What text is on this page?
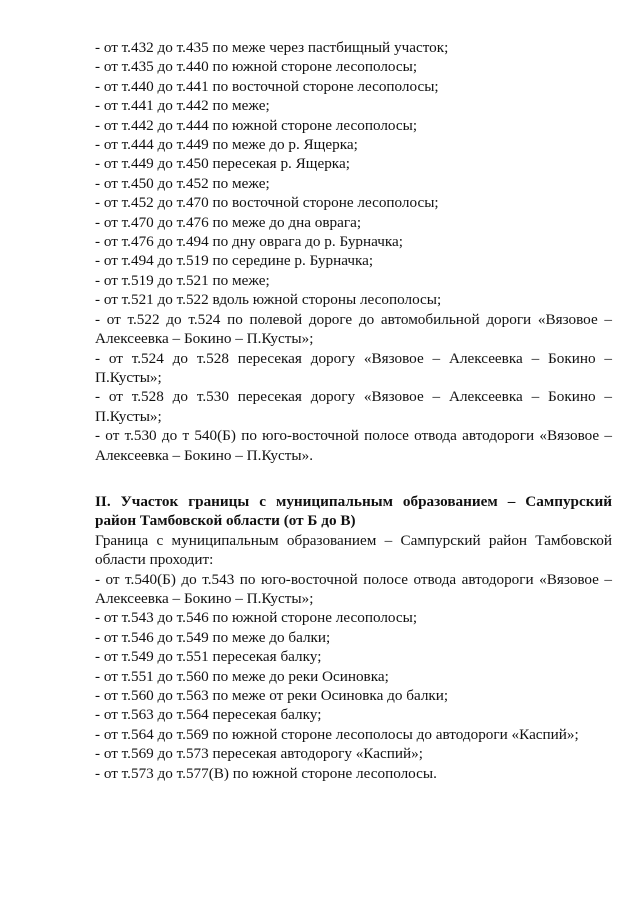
- от т.432 до т.435 по меже через пастбищный участок;
- от т.435 до т.440 по южной стороне лесополосы;
- от т.440 до т.441 по восточной стороне лесополосы;
- от т.441 до т.442 по меже;
- от т.442 до т.444 по южной стороне лесополосы;
- от т.444 до т.449 по меже до р. Ящерка;
- от т.449 до т.450 пересекая р. Ящерка;
- от т.450 до т.452 по меже;
- от т.452 до т.470 по восточной стороне лесополосы;
- от т.470 до т.476 по меже до дна оврага;
- от т.476 до т.494 по дну оврага до р. Бурначка;
- от т.494 до т.519 по середине р. Бурначка;
- от т.519 до т.521 по меже;
- от т.521 до т.522 вдоль южной стороны лесополосы;
- от т.522 до т.524 по полевой дороге до автомобильной дороги «Вязовое –
Алексеевка – Бокино – П.Кусты»;
- от т.524 до т.528 пересекая дорогу «Вязовое – Алексеевка – Бокино –
П.Кусты»;
- от т.528 до т.530 пересекая дорогу «Вязовое – Алексеевка – Бокино –
П.Кусты»;
- от т.530 до т 540(Б) по юго-восточной полосе отвода автодороги «Вязовое –
Алексеевка – Бокино – П.Кусты».
II. Участок границы с муниципальным образованием – Сампурский
район Тамбовской области (от Б до В)
Граница с муниципальным образованием – Сампурский район Тамбовской
области проходит:
- от т.540(Б) до т.543 по юго-восточной полосе отвода автодороги «Вязовое –
Алексеевка – Бокино – П.Кусты»;
- от т.543 до т.546 по южной стороне лесополосы;
- от т.546 до т.549 по меже до балки;
- от т.549 до т.551 пересекая балку;
- от т.551 до т.560 по меже до реки Осиновка;
- от т.560 до т.563 по меже от реки Осиновка до балки;
- от т.563 до т.564 пересекая балку;
- от т.564 до т.569 по южной стороне лесополосы до автодороги «Каспий»;
- от т.569 до т.573 пересекая автодорогу «Каспий»;
- от т.573 до т.577(В) по южной стороне лесополосы.
